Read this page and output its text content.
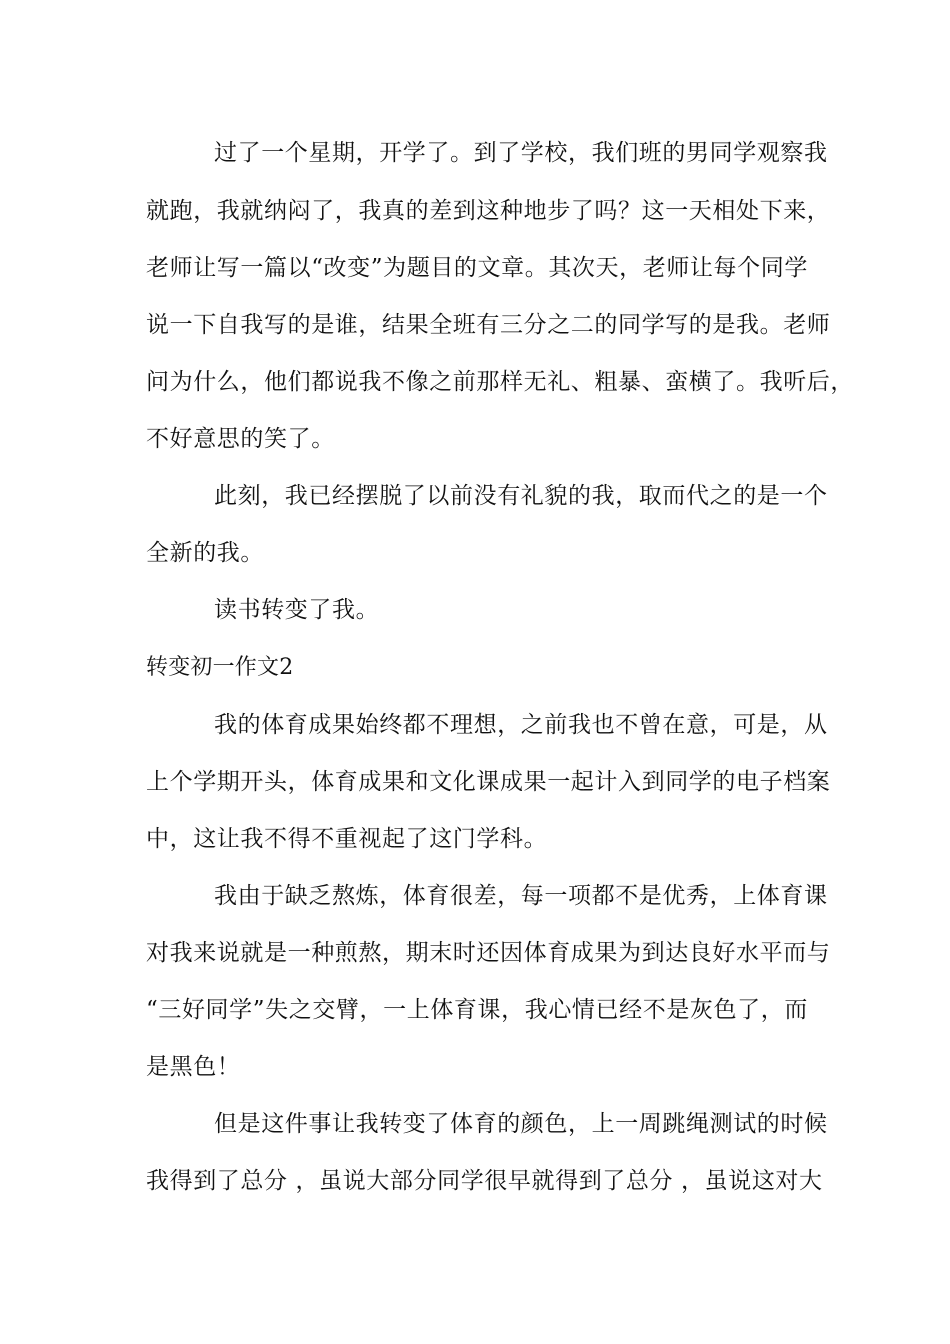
过了一个星期，开学了。到了学校，我们班的男同学观察我
就跑，我就纳闷了，我真的差到这种地步了吗？这一天相处下来，
老师让写一篇以“改变”为题目的文章。其次天，老师让每个同学
说一下自我写的是谁，结果全班有三分之二的同学写的是我。老师
问为什么，他们都说我不像之前那样无礼、粗暴、蛮横了。我听后，
不好意思的笑了。
此刻，我已经摆脱了以前没有礼貌的我，取而代之的是一个
全新的我。
读书转变了我。
转变初一作文2
我的体育成果始终都不理想，之前我也不曾在意，可是，从
上个学期开头，体育成果和文化课成果一起计入到同学的电子档案
中，这让我不得不重视起了这门学科。
我由于缺乏熬炼，体育很差，每一项都不是优秀，上体育课
对我来说就是一种煎熬，期末时还因体育成果为到达良好水平而与
“三好同学”失之交臂，一上体育课，我心情已经不是灰色了，而
是黑色！
但是这件事让我转变了体育的颜色，上一周跳绳测试的时候
我得到了总分 ，虽说大部分同学很早就得到了总分 ，虽说这对大
